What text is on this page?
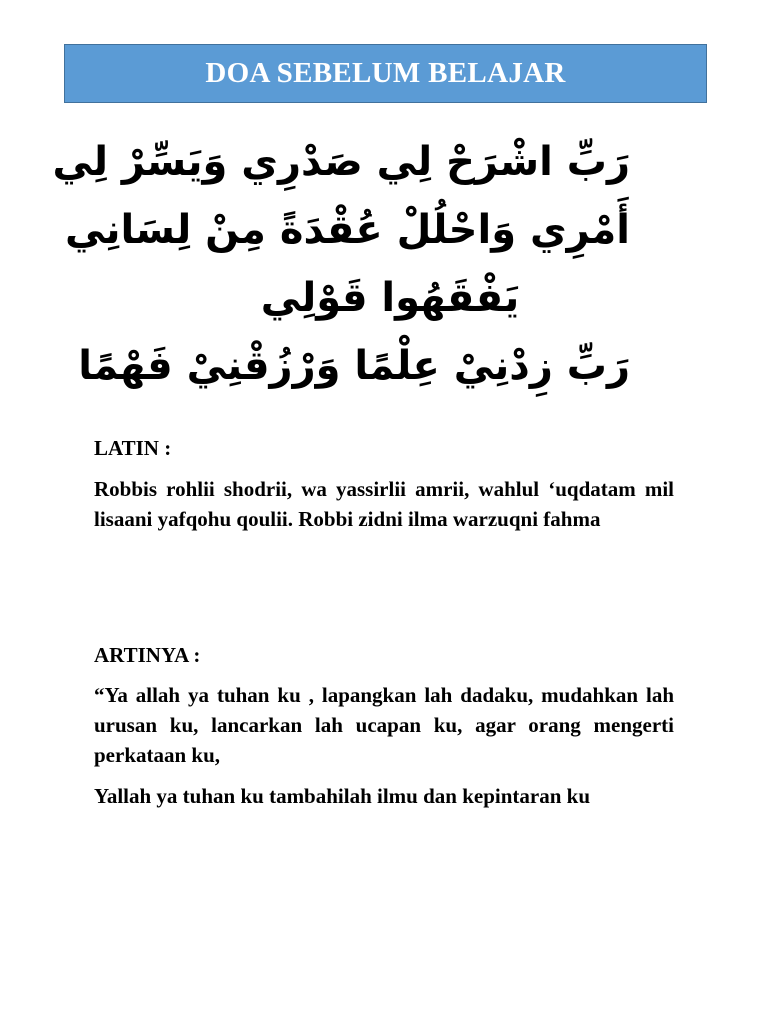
DOA SEBELUM BELAJAR
رَبِّ اشْرَحْ لِي صَدْرِي وَيَسِّرْ لِي
أَمْرِي وَاحْلُلْ عُقْدَةً مِنْ لِسَانِي
يَفْقَهُوا قَوْلِي
رَبِّ زِدْنِيْ عِلْمًا وَرْزُقْنِيْ فَهْمًا
LATIN :
Robbis rohlii shodrii, wa yassirlii amrii, wahlul ‘uqdatam mil lisaani yafqohu qoulii. Robbi zidni ilma warzuqni fahma
ARTINYA :
“Ya allah ya tuhan ku , lapangkan lah dadaku, mudahkan lah urusan ku, lancarkan lah ucapan ku, agar orang mengerti perkataan ku,
Yallah ya tuhan ku tambahilah ilmu dan kepintaran ku
